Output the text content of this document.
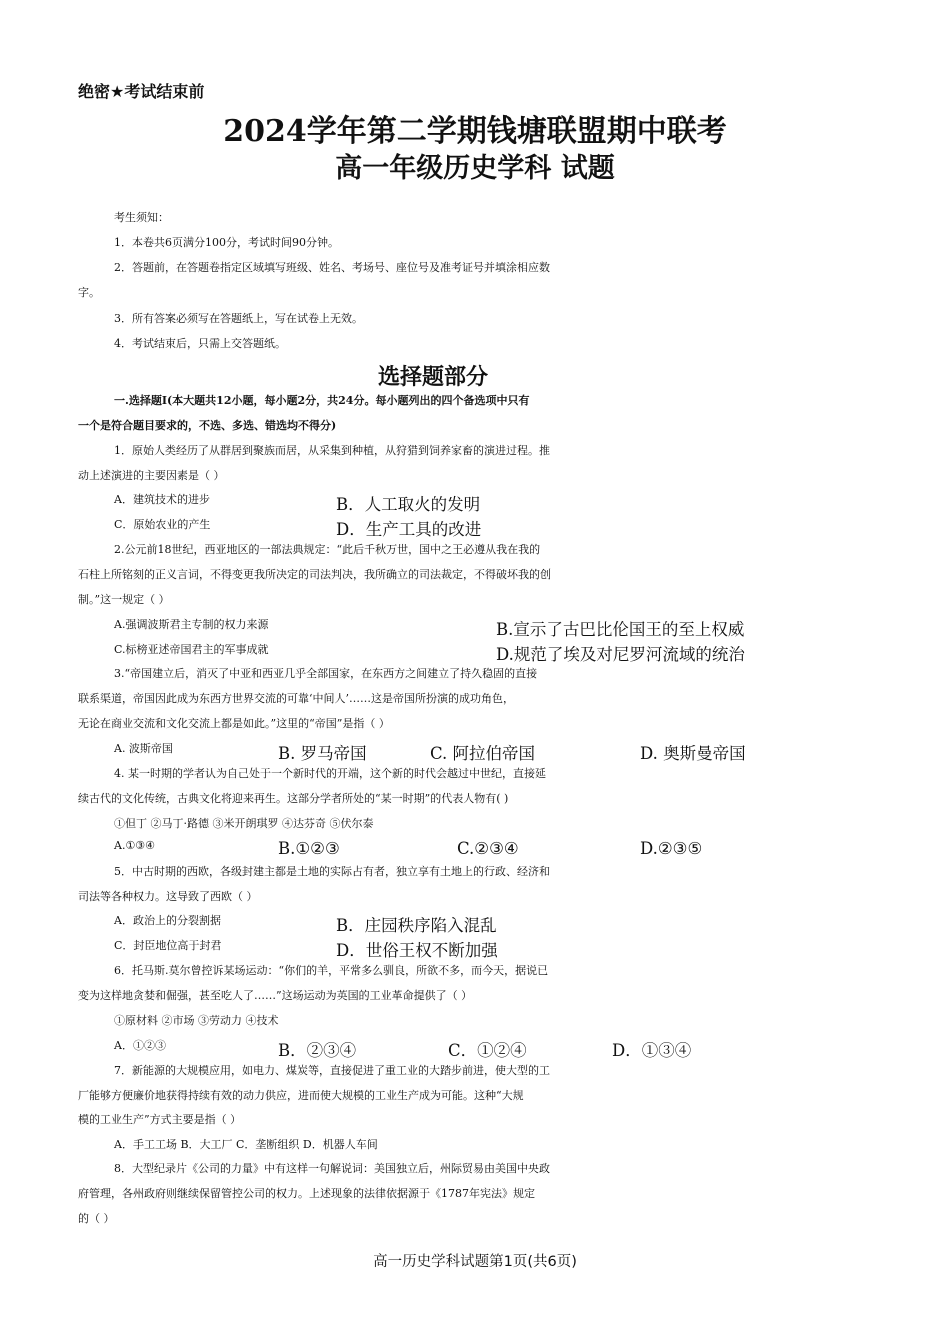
绝密★考试结束前
2024学年第二学期钱塘联盟期中联考
高一年级历史学科 试题
考生须知：
1．本卷共6页满分100分，考试时间90分钟。
2．答题前，在答题卷指定区域填写班级、姓名、考场号、座位号及准考证号并填涂相应数
字。
3．所有答案必须写在答题纸上，写在试卷上无效。
4．考试结束后，只需上交答题纸。
选择题部分
一.选择题Ⅰ(本大题共12小题，每小题2分，共24分。每小题列出的四个备选项中只有
一个是符合题目要求的，不选、多选、错选均不得分)
1．原始人类经历了从群居到聚族而居，从采集到种植，从狩猎到饲养家畜的演进过程。推
动上述演进的主要因素是（ ）
A．建筑技术的进步	B．人工取火的发明
C．原始农业的产生	D．生产工具的改进
2.公元前18世纪，西亚地区的一部法典规定：“此后千秋万世，国中之王必遵从我在我的
石柱上所铭刻的正义言词，不得变更我所决定的司法判决，我所确立的司法裁定，不得破坏我的创
制。”这一规定（ ）
A.强调波斯君主专制的权力来源	B.宣示了古巴比伦国王的至上权威
C.标榜亚述帝国君主的军事成就	D.规范了埃及对尼罗河流域的统治
3.“帝国建立后，消灭了中亚和西亚几乎全部国家，在东西方之间建立了持久稳固的直接
联系渠道，帝国因此成为东西方世界交流的可靠‘中间人’……这是帝国所扮演的成功角色，
无论在商业交流和文化交流上都是如此。”这里的“帝国”是指（ ）
A. 波斯帝国	B. 罗马帝国	C. 阿拉伯帝国	D. 奥斯曼帝国
4. 某一时期的学者认为自己处于一个新时代的开端，这个新的时代会越过中世纪，直接延
续古代的文化传统，古典文化将迎来再生。这部分学者所处的“某一时期”的代表人物有( )
①但丁 ②马丁·路德 ③米开朗琪罗 ④达芬奇 ⑤伏尔泰
A.①③④	B.①②③	C.②③④	D.②③⑤
5．中古时期的西欧，各级封建主都是土地的实际占有者，独立享有土地上的行政、经济和
司法等各种权力。这导致了西欧（ ）
A．政治上的分裂割据	B．庄园秩序陷入混乱
C．封臣地位高于封君	D．世俗王权不断加强
6．托马斯.莫尔曾控诉某场运动：“你们的羊，平常多么驯良，所欲不多，而今天，据说已
变为这样地贪婪和倔强，甚至吃人了……”这场运动为英国的工业革命提供了（ ）
①原材料 ②市场 ③劳动力 ④技术
A．①②③	B．②③④	C．①②④	D．①③④
7．新能源的大规模应用，如电力、煤炭等，直接促进了重工业的大踏步前进，使大型的工
厂能够方便廉价地获得持续有效的动力供应，进而使大规模的工业生产成为可能。这种“大规
模的工业生产”方式主要是指（ ）
A．手工工场 B．大工厂 C．垄断组织 D．机器人车间
8．大型纪录片《公司的力量》中有这样一句解说词：美国独立后，州际贸易由美国中央政
府管理，各州政府则继续保留管控公司的权力。上述现象的法律依据源于《1787年宪法》规定
的（ ）
高一历史学科试题第1页(共6页)
